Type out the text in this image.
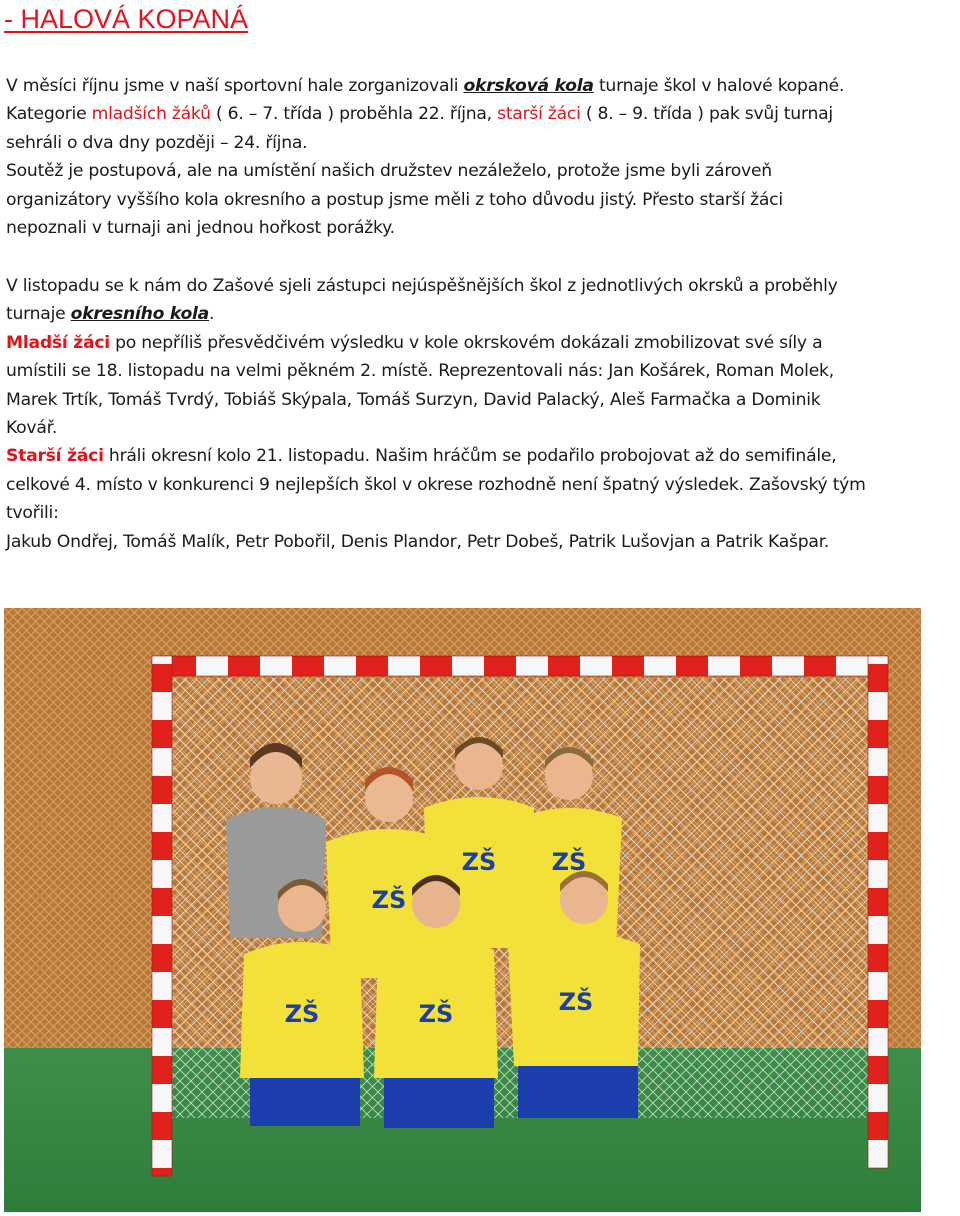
- HALOVÁ KOPANÁ
V měsíci říjnu jsme v naší sportovní hale zorganizovali okrsková kola turnaje škol v halové kopané.
Kategorie mladších žáků ( 6. – 7. třída ) proběhla 22. října, starší žáci ( 8. – 9. třída ) pak svůj turnaj
sehráli o dva dny později – 24. října.
Soutěž je postupová, ale na umístění našich družstev nezáleželo, protože jsme byli zároveň
organizátory vyššího kola okresního a postup jsme měli z toho důvodu jistý. Přesto starší žáci
nepoznali v turnaji ani jednou hořkost porážky.
V listopadu se k nám do Zašové sjeli zástupci nejúspěšnějších škol z jednotlivých okrsků a proběhly
turnaje okresního kola.
Mladší žáci po nepříliš přesvědčivém výsledku v kole okrskovém dokázali zmobilizovat své síly a
umístili se 18. listopadu na velmi pěkném 2. místě. Reprezentovali nás: Jan Košárek, Roman Molek,
Marek Trtík, Tomáš Tvrdý, Tobiáš Skýpala, Tomáš Surzyn, David Palacký, Aleš Farmačka a Dominik
Kovář.
Starší žáci hráli okresní kolo 21. listopadu. Našim hráčům se podařilo probojovat až do semifinále,
celkové 4. místo v konkurenci 9 nejlepších škol v okrese rozhodně není špatný výsledek. Zašovský tým
tvořili:
Jakub Ondřej, Tomáš Malík, Petr Pobořil, Denis Plandor, Petr Dobeš, Patrik Lušovjan a Patrik Kašpar.
ZŠ
ZŠ ZŠ
ZŠ	ZŠ	ZŠ
